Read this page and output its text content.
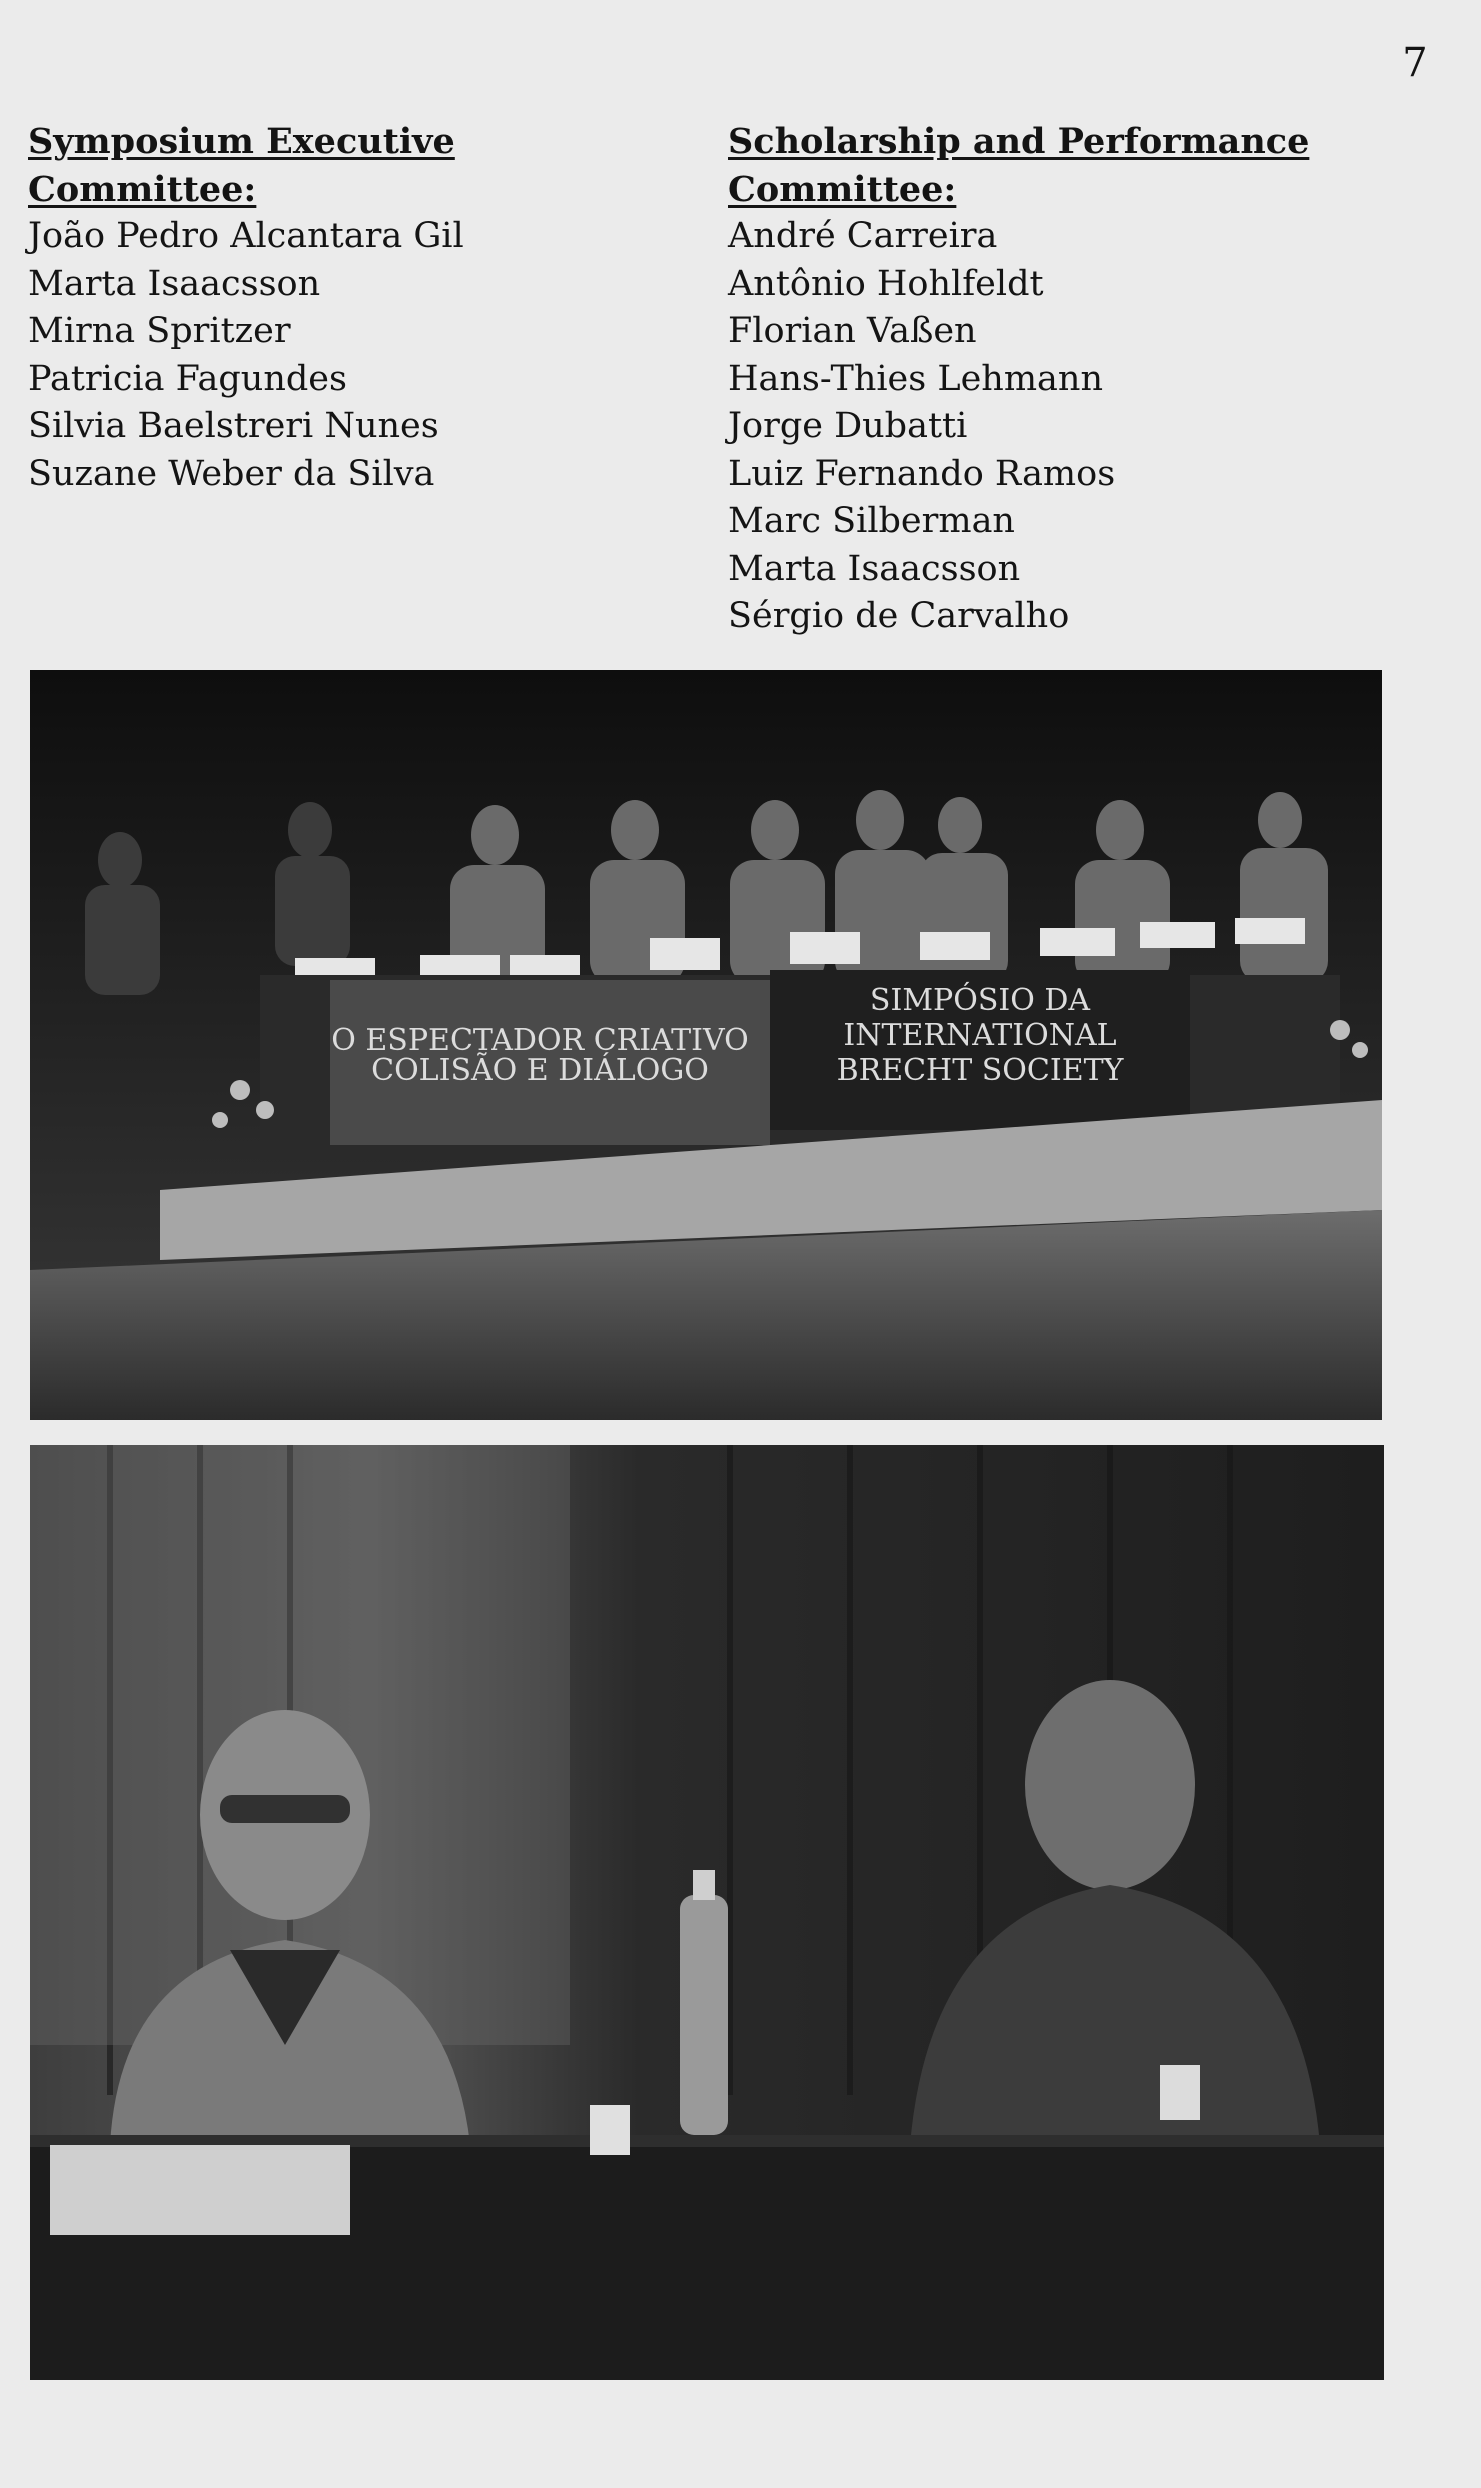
7
Symposium Executive Committee:
João Pedro Alcantara Gil
Marta Isaacsson
Mirna Spritzer
Patricia Fagundes
Silvia Baelstreri Nunes
Suzane Weber da Silva
Scholarship and Performance
Committee:
André Carreira
Antônio Hohlfeldt
Florian Vaßen
Hans-Thies Lehmann
Jorge Dubatti
Luiz Fernando Ramos
Marc Silberman
Marta Isaacsson
Sérgio de Carvalho
O ESPECTADOR CRIATIVO
COLISÃO E DIÁLOGO
SIMPÓSIO DA
INTERNATIONAL
BRECHT SOCIETY
